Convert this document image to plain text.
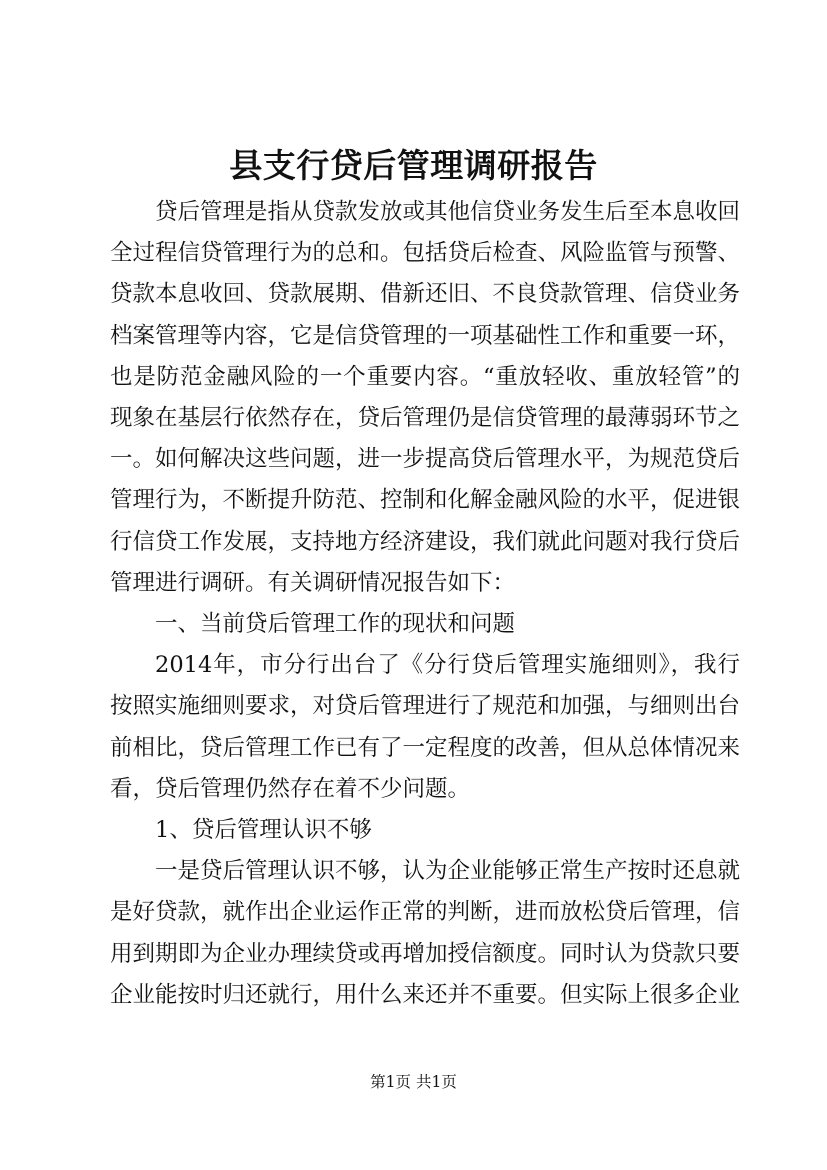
县支行贷后管理调研报告

贷后管理是指从贷款发放或其他信贷业务发生后至本息收回全过程信贷管理行为的总和。包括贷后检查、风险监管与预警、贷款本息收回、贷款展期、借新还旧、不良贷款管理、信贷业务档案管理等内容，它是信贷管理的一项基础性工作和重要一环，也是防范金融风险的一个重要内容。“重放轻收、重放轻管”的现象在基层行依然存在，贷后管理仍是信贷管理的最薄弱环节之一。如何解决这些问题，进一步提高贷后管理水平，为规范贷后管理行为，不断提升防范、控制和化解金融风险的水平，促进银行信贷工作发展，支持地方经济建设，我们就此问题对我行贷后管理进行调研。有关调研情况报告如下：

一、当前贷后管理工作的现状和问题

2014年，市分行出台了《分行贷后管理实施细则》，我行按照实施细则要求，对贷后管理进行了规范和加强，与细则出台前相比，贷后管理工作已有了一定程度的改善，但从总体情况来看，贷后管理仍然存在着不少问题。

1、贷后管理认识不够

一是贷后管理认识不够，认为企业能够正常生产按时还息就是好贷款，就作出企业运作正常的判断，进而放松贷后管理，信用到期即为企业办理续贷或再增加授信额度。同时认为贷款只要企业能按时归还就行，用什么来还并不重要。但实际上很多企业

第1页 共1页
